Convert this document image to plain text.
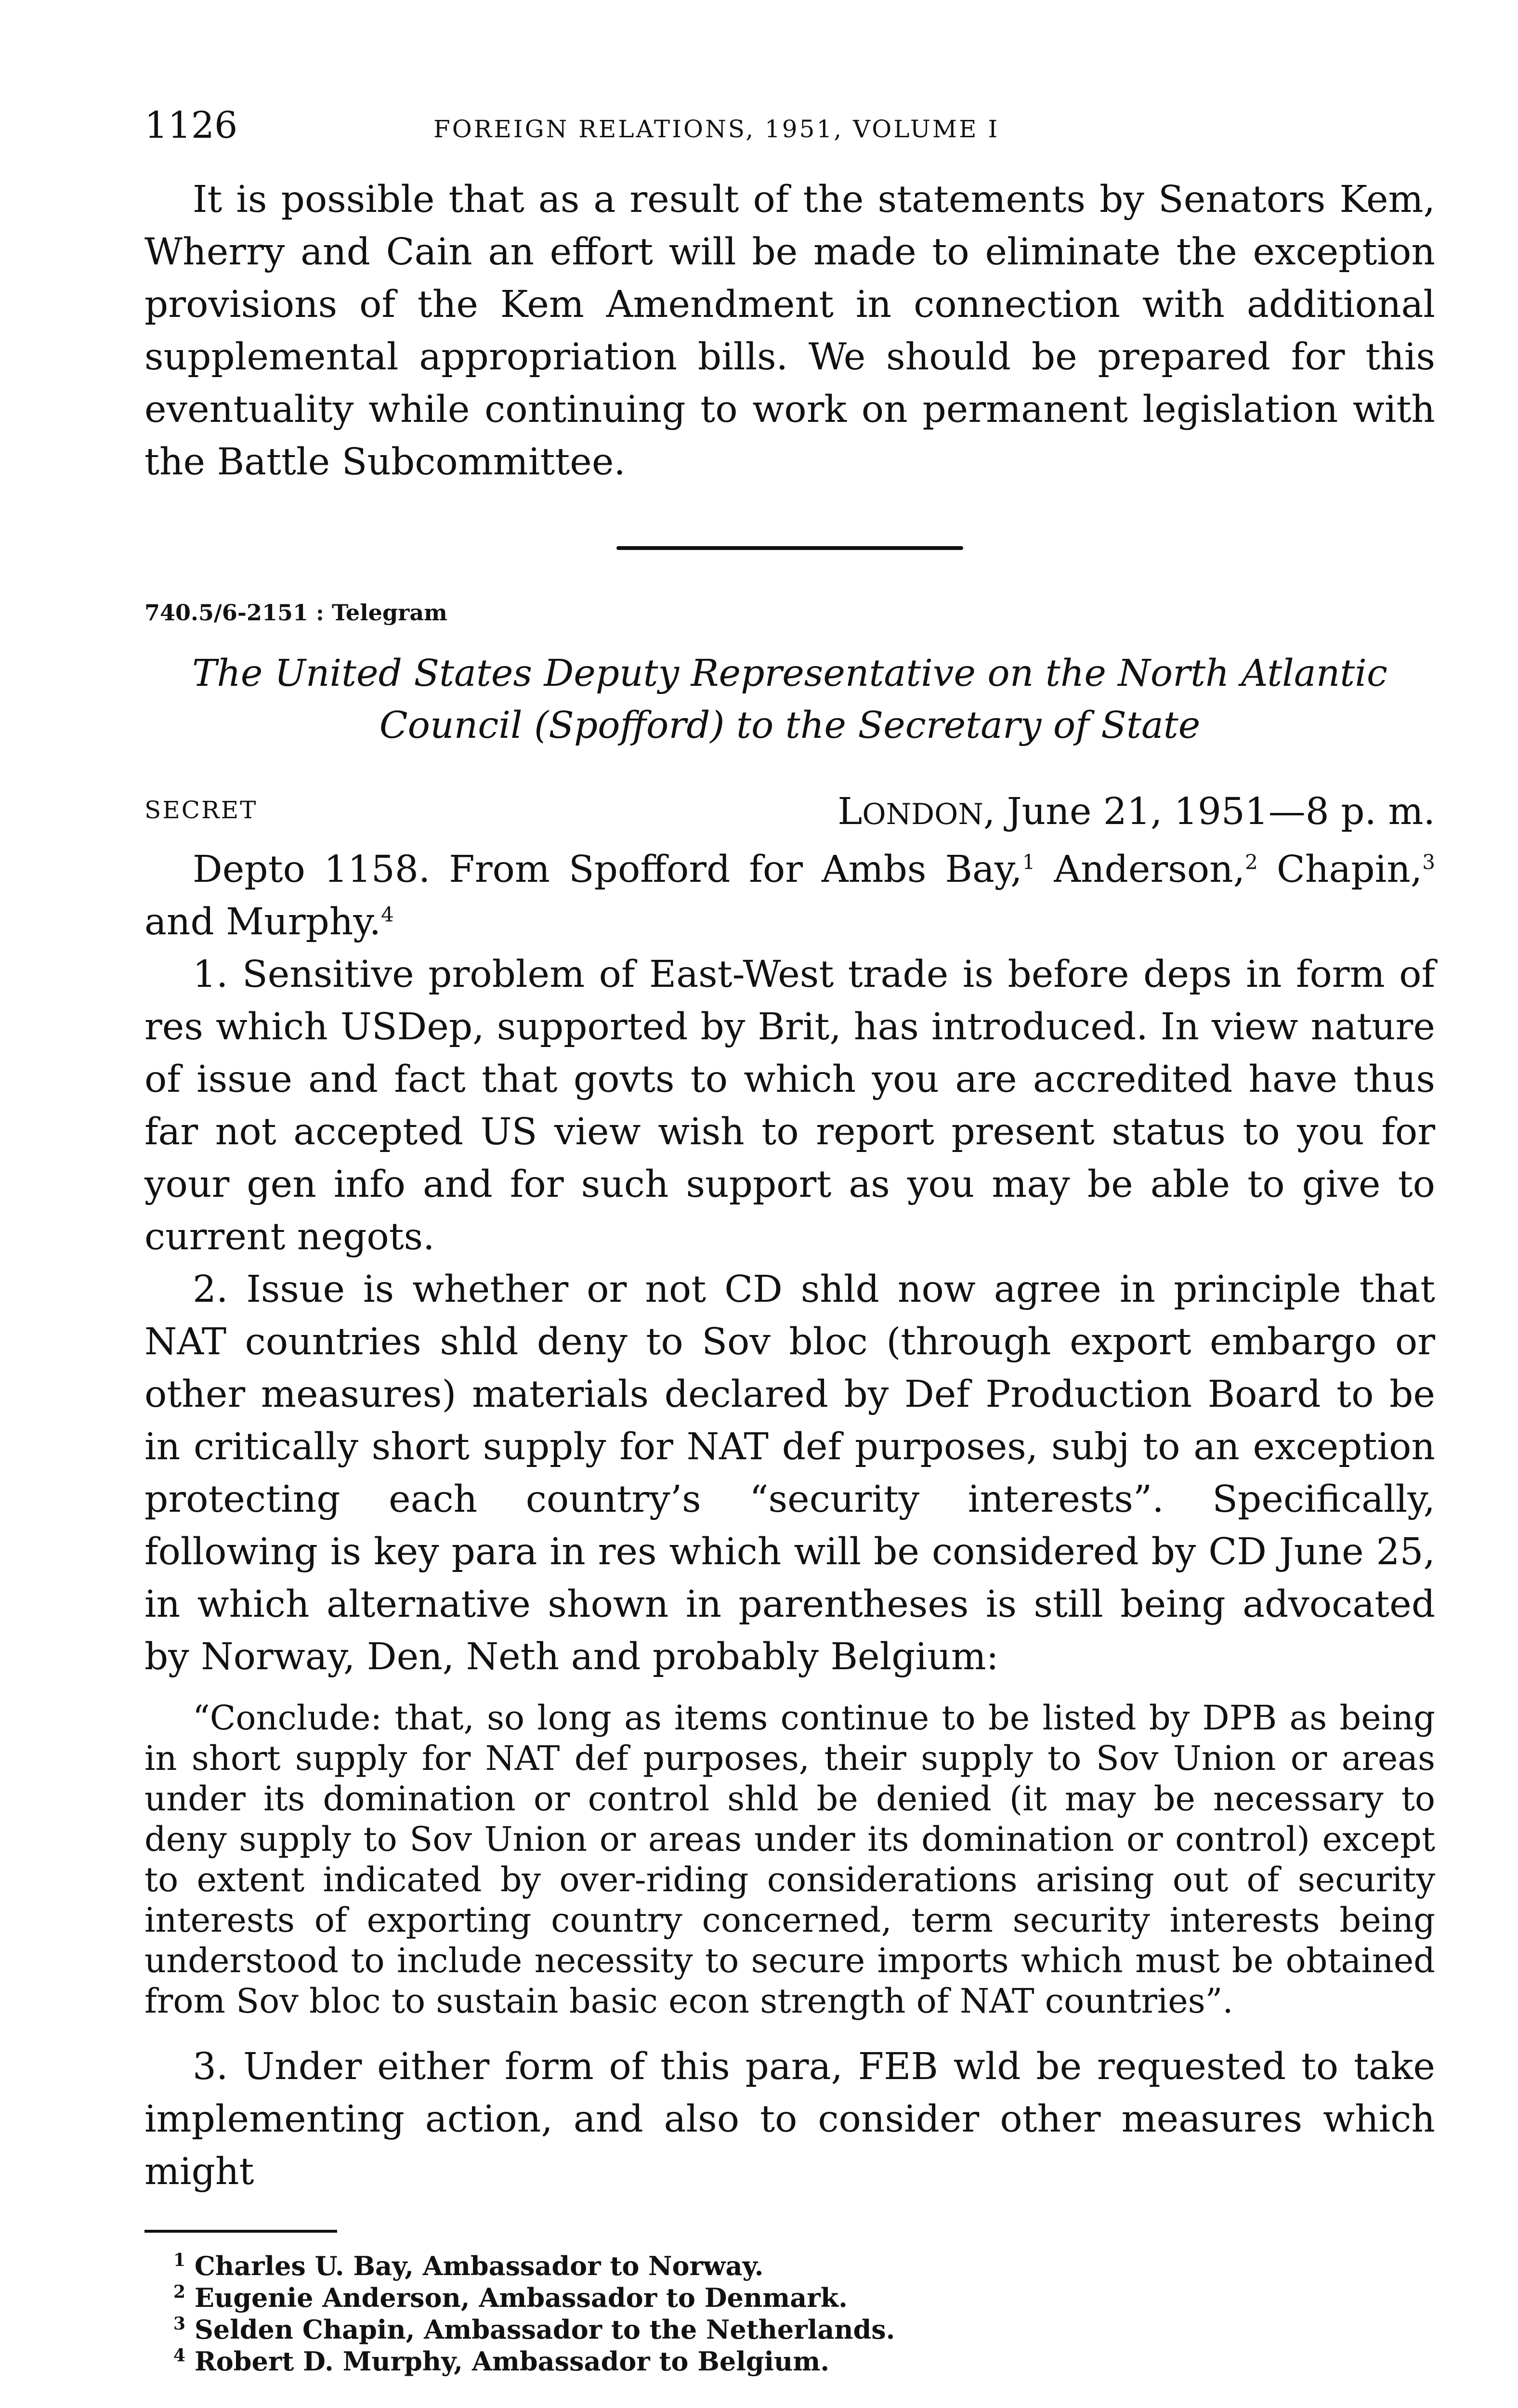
1126	FOREIGN RELATIONS, 1951, VOLUME I

It is possible that as a result of the statements by Senators Kem, Wherry and Cain an effort will be made to eliminate the exception provisions of the Kem Amendment in connection with additional supplemental appropriation bills. We should be prepared for this eventuality while continuing to work on permanent legislation with the Battle Subcommittee.

740.5/6-2151 : Telegram
The United States Deputy Representative on the North Atlantic Council (Spofford) to the Secretary of State
SECRET	LONDON, June 21, 1951—8 p. m.

Depto 1158. From Spofford for Ambs Bay,$^1$ Anderson,$^2$ Chapin,$^3$ and Murphy.$^4$

1. Sensitive problem of East-West trade is before deps in form of res which USDep, supported by Brit, has introduced. In view nature of issue and fact that govts to which you are accredited have thus far not accepted US view wish to report present status to you for your gen info and for such support as you may be able to give to current negots.

2. Issue is whether or not CD shld now agree in principle that NAT countries shld deny to Sov bloc (through export embargo or other measures) materials declared by Def Production Board to be in critically short supply for NAT def purposes, subj to an exception protecting each country’s “security interests”. Specifically, following is key para in res which will be considered by CD June 25, in which alternative shown in parentheses is still being advocated by Norway, Den, Neth and probably Belgium:

“Conclude: that, so long as items continue to be listed by DPB as being in short supply for NAT def purposes, their supply to Sov Union or areas under its domination or control shld be denied (it may be necessary to deny supply to Sov Union or areas under its domination or control) except to extent indicated by over-riding considerations arising out of security interests of exporting country concerned, term security interests being understood to include necessity to secure imports which must be obtained from Sov bloc to sustain basic econ strength of NAT countries”.

3. Under either form of this para, FEB wld be requested to take implementing action, and also to consider other measures which might

$^1$ Charles U. Bay, Ambassador to Norway.
$^2$ Eugenie Anderson, Ambassador to Denmark.
$^3$ Selden Chapin, Ambassador to the Netherlands.
$^4$ Robert D. Murphy, Ambassador to Belgium.
